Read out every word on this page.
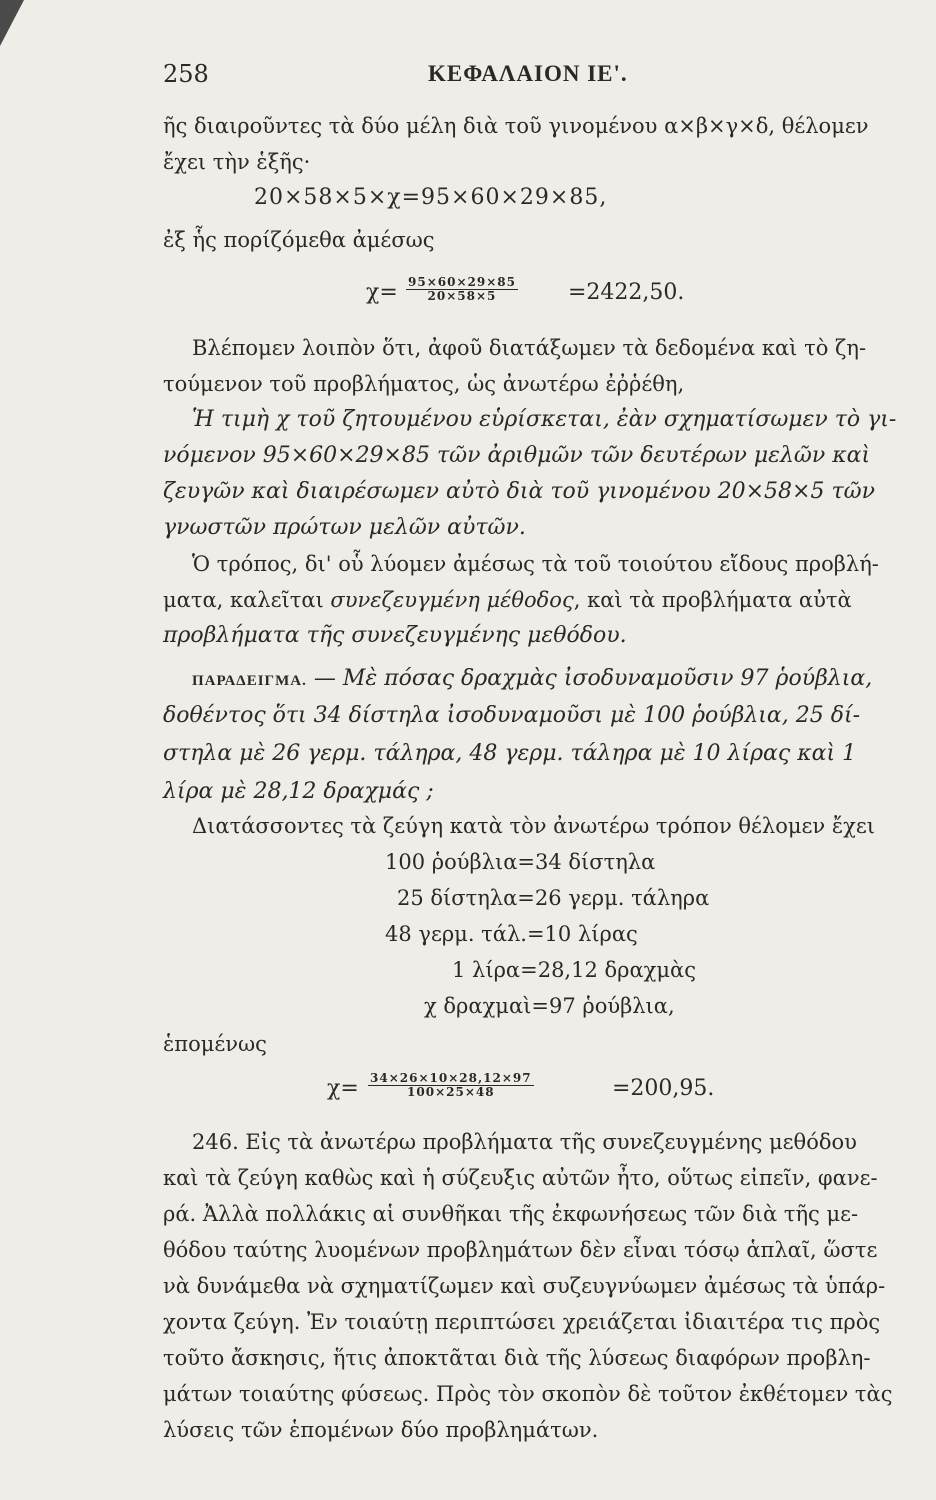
258	ΚΕΦΑΛΑΙΟΝ ΙΕ'.
ῆς διαιροῦντες τὰ δύο μέλη διὰ τοῦ γινομένου α×β×γ×δ, θέλομεν
ἔχει τὴν ἑξῆς·
20×58×5×χ=95×60×29×85,
ἐξ ἧς πορίζόμεθα ἀμέσως
$\chi= \frac{95\times 60\times 29\times 85}{20\times 58\times 5} =2422,50$.
Βλέπομεν λοιπὸν ὅτι, ἀφοῦ διατάξωμεν τὰ δεδομένα καὶ τὸ ζη-
τούμενον τοῦ προβλήματος, ὡς ἀνωτέρω ἐῤῥέθη,
Ἡ τιμὴ χ τοῦ ζητουμένου εὑρίσκεται, ἐὰν σχηματίσωμεν τὸ γι-
νόμενον 95×60×29×85 τῶν ἀριθμῶν τῶν δευτέρων μελῶν καὶ
ζευγῶν καὶ διαιρέσωμεν αὐτὸ διὰ τοῦ γινομένου 20×58×5 τῶν
γνωστῶν πρώτων μελῶν αὐτῶν.
Ὁ τρόπος, δι' οὗ λύομεν ἀμέσως τὰ τοῦ τοιούτου εἴδους προβλή-
ματα, καλεῖται συνεζευγμένη μέθοδος, καὶ τὰ προβλήματα αὐτὰ
προβλήματα τῆς συνεζευγμένης μεθόδου.
ΠΑΡΑΔΕΙΓΜΑ. — Μὲ πόσας δραχμὰς ἰσοδυναμοῦσιν 97 ῥούβλια,
δοθέντος ὅτι 34 δίστηλα ἰσοδυναμοῦσι μὲ 100 ῥούβλια, 25 δί-
στηλα μὲ 26 γερμ. τάληρα, 48 γερμ. τάληρα μὲ 10 λίρας καὶ 1
λίρα μὲ 28,12 δραχμάς ;
Διατάσσοντες τὰ ζεύγη κατὰ τὸν ἀνωτέρω τρόπον θέλομεν ἔχει
100 ῥούβλια=34 δίστηλα
25 δίστηλα=26 γερμ. τάληρα
48 γερμ. τάλ.=10 λίρας
1 λίρα=28,12 δραχμὰς
χ δραχμαὶ=97 ῥούβλια,
ἑπομένως
$\chi= \frac{34\times 26\times 10\times 28,12\times 97}{100\times 25\times 48}$	=200,95.
246. Εἰς τὰ ἀνωτέρω προβλήματα τῆς συνεζευγμένης μεθόδου
καὶ τὰ ζεύγη καθὼς καὶ ἡ σύζευξις αὐτῶν ἦτο, οὕτως εἰπεῖν, φανε-
ρά. Ἀλλὰ πολλάκις αἱ συνθῆκαι τῆς ἐκφωνήσεως τῶν διὰ τῆς με-
θόδου ταύτης λυομένων προβλημάτων δὲν εἶναι τόσῳ ἁπλαῖ, ὥστε
νὰ δυνάμεθα νὰ σχηματίζωμεν καὶ συζευγνύωμεν ἀμέσως τὰ ὑπάρ-
χοντα ζεύγη. Ἐν τοιαύτῃ περιπτώσει χρειάζεται ἰδιαιτέρα τις πρὸς
τοῦτο ἄσκησις, ἥτις ἀποκτᾶται διὰ τῆς λύσεως διαφόρων προβλη-
μάτων τοιαύτης φύσεως. Πρὸς τὸν σκοπὸν δὲ τοῦτον ἐκθέτομεν τὰς
λύσεις τῶν ἑπομένων δύο προβλημάτων.
